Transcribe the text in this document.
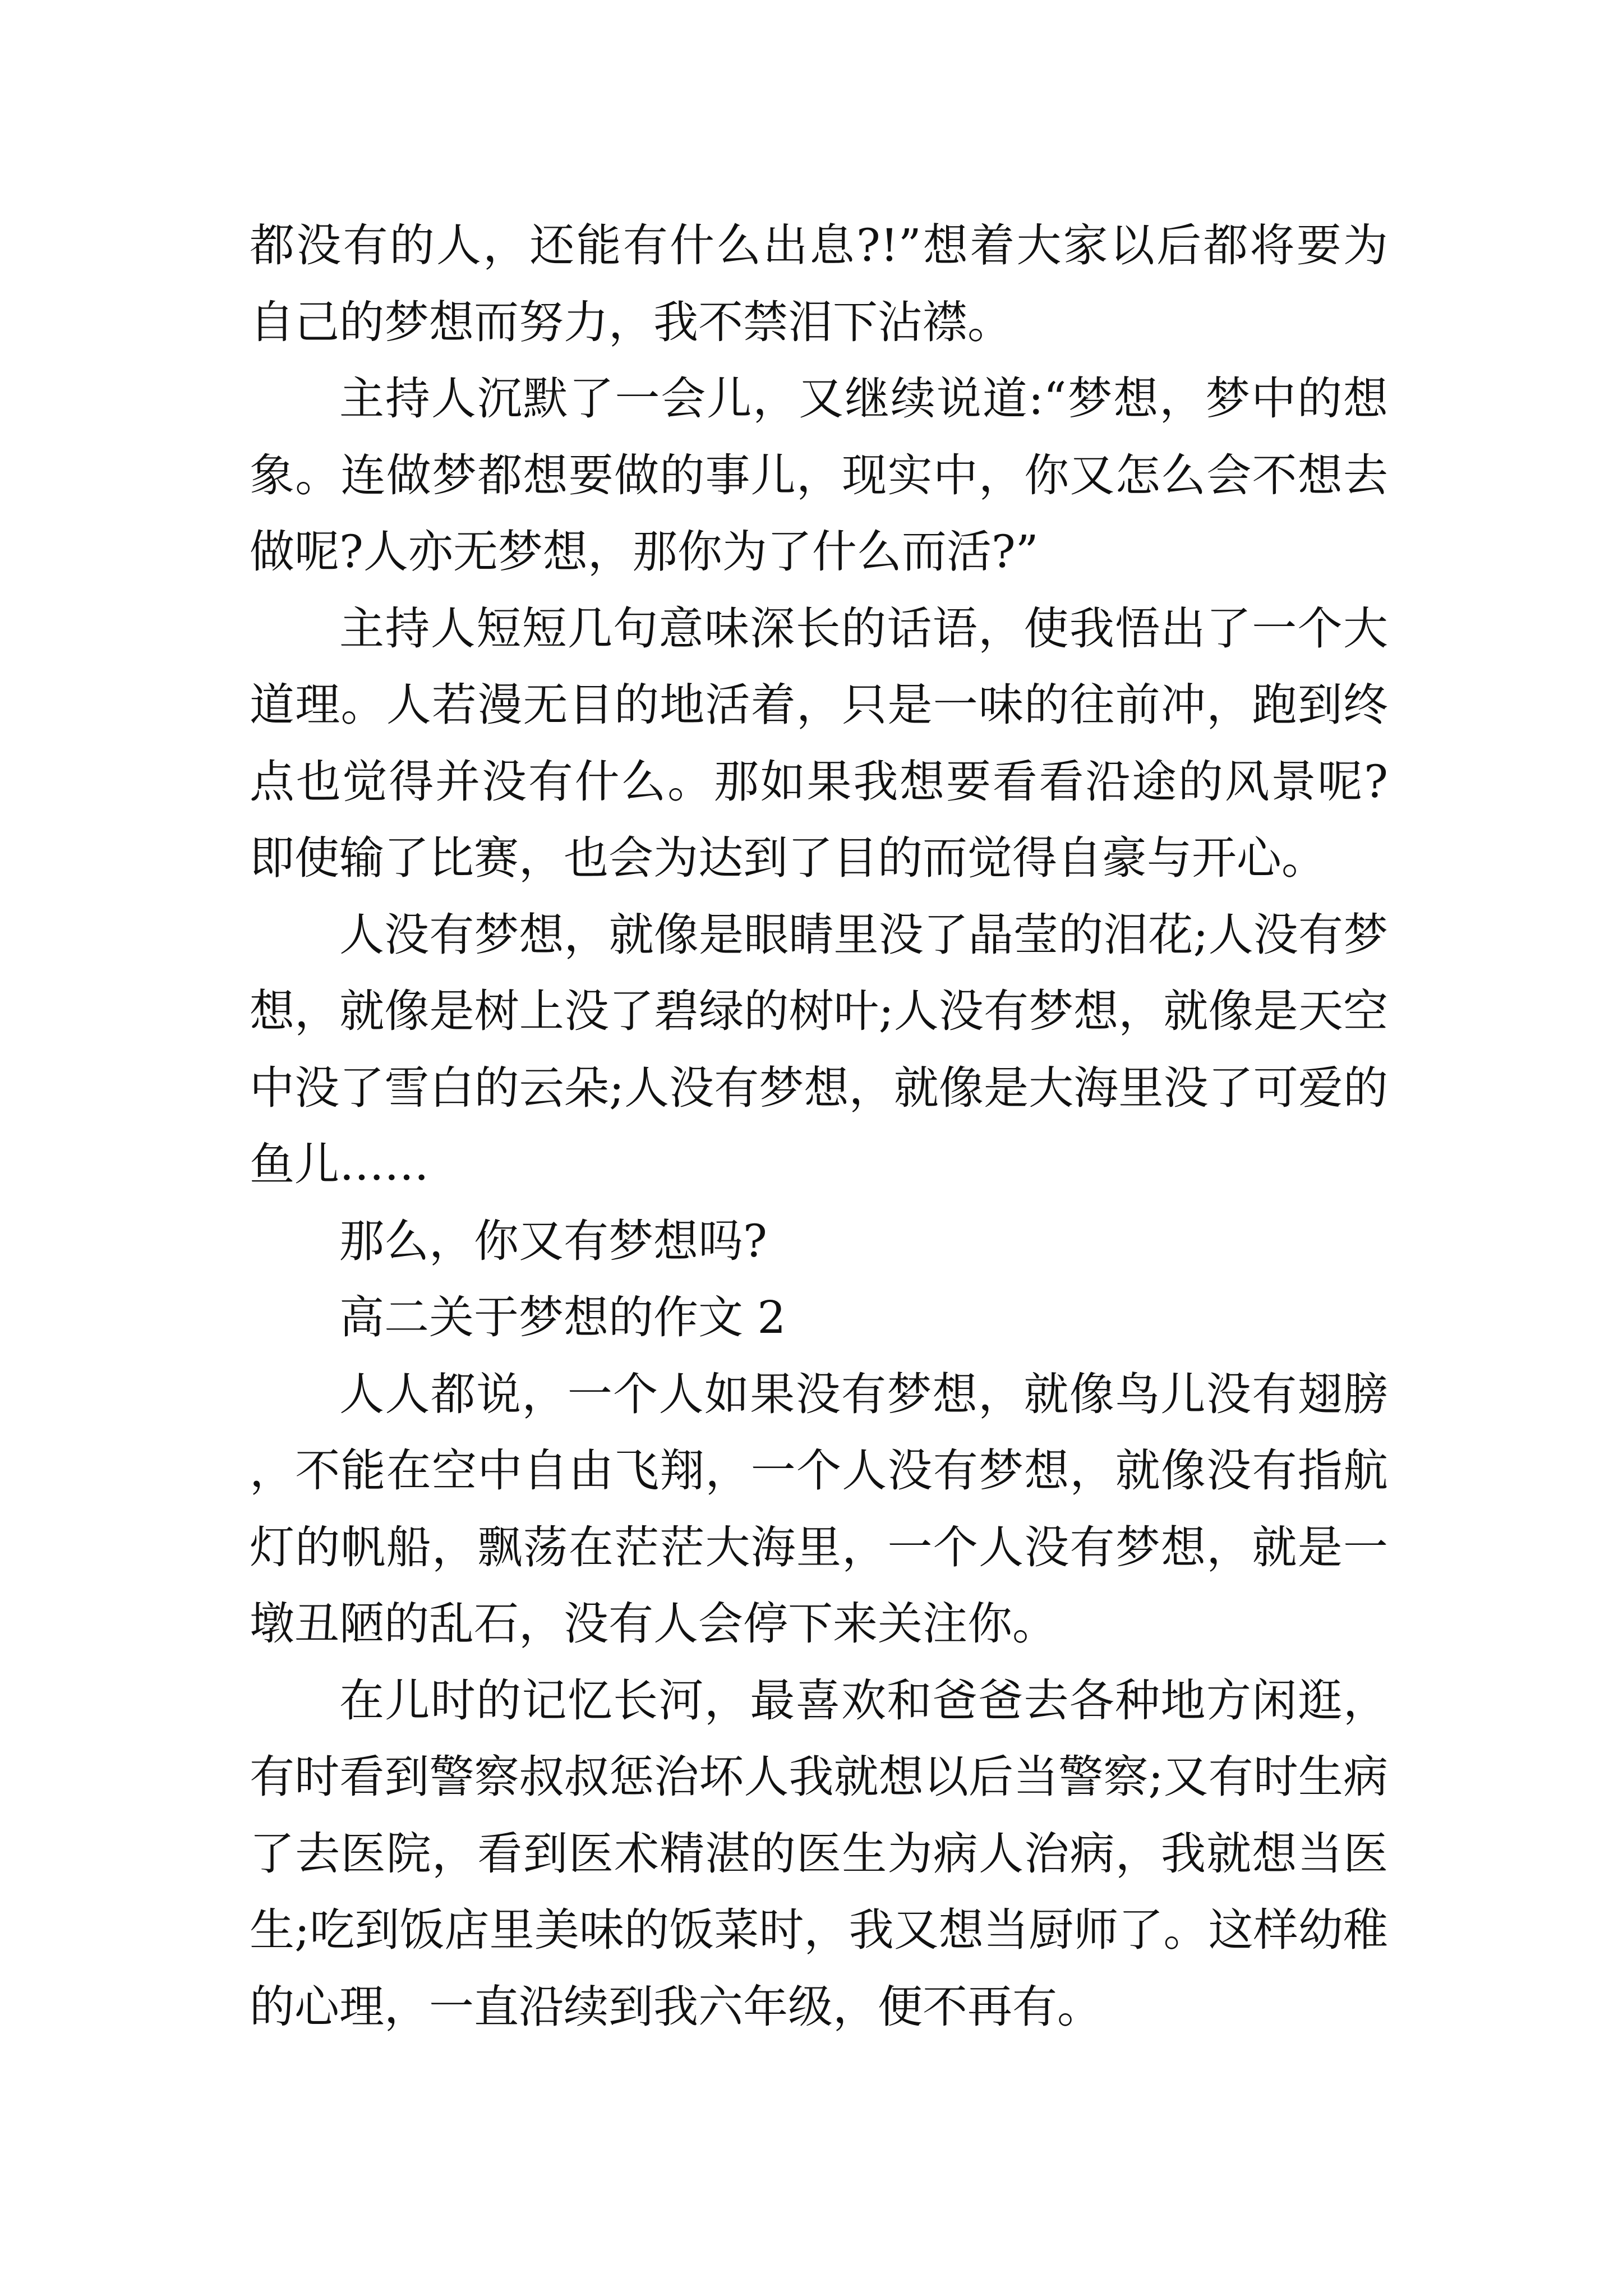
都没有的人，还能有什么出息?!”想着大家以后都将要为自己的梦想而努力，我不禁泪下沾襟。

主持人沉默了一会儿，又继续说道:“梦想，梦中的想象。连做梦都想要做的事儿，现实中，你又怎么会不想去做呢?人亦无梦想，那你为了什么而活?”

主持人短短几句意味深长的话语，使我悟出了一个大道理。人若漫无目的地活着，只是一味的往前冲，跑到终点也觉得并没有什么。那如果我想要看看沿途的风景呢?即使输了比赛，也会为达到了目的而觉得自豪与开心。

人没有梦想，就像是眼睛里没了晶莹的泪花;人没有梦想，就像是树上没了碧绿的树叶;人没有梦想，就像是天空中没了雪白的云朵;人没有梦想，就像是大海里没了可爱的鱼儿……

那么，你又有梦想吗?

高二关于梦想的作文 2

人人都说，一个人如果没有梦想，就像鸟儿没有翅膀，不能在空中自由飞翔，一个人没有梦想，就像没有指航灯的帆船，飘荡在茫茫大海里，一个人没有梦想，就是一墩丑陋的乱石，没有人会停下来关注你。

在儿时的记忆长河，最喜欢和爸爸去各种地方闲逛，有时看到警察叔叔惩治坏人我就想以后当警察;又有时生病了去医院，看到医术精湛的医生为病人治病，我就想当医生;吃到饭店里美味的饭菜时，我又想当厨师了。这样幼稚的心理，一直沿续到我六年级，便不再有。
